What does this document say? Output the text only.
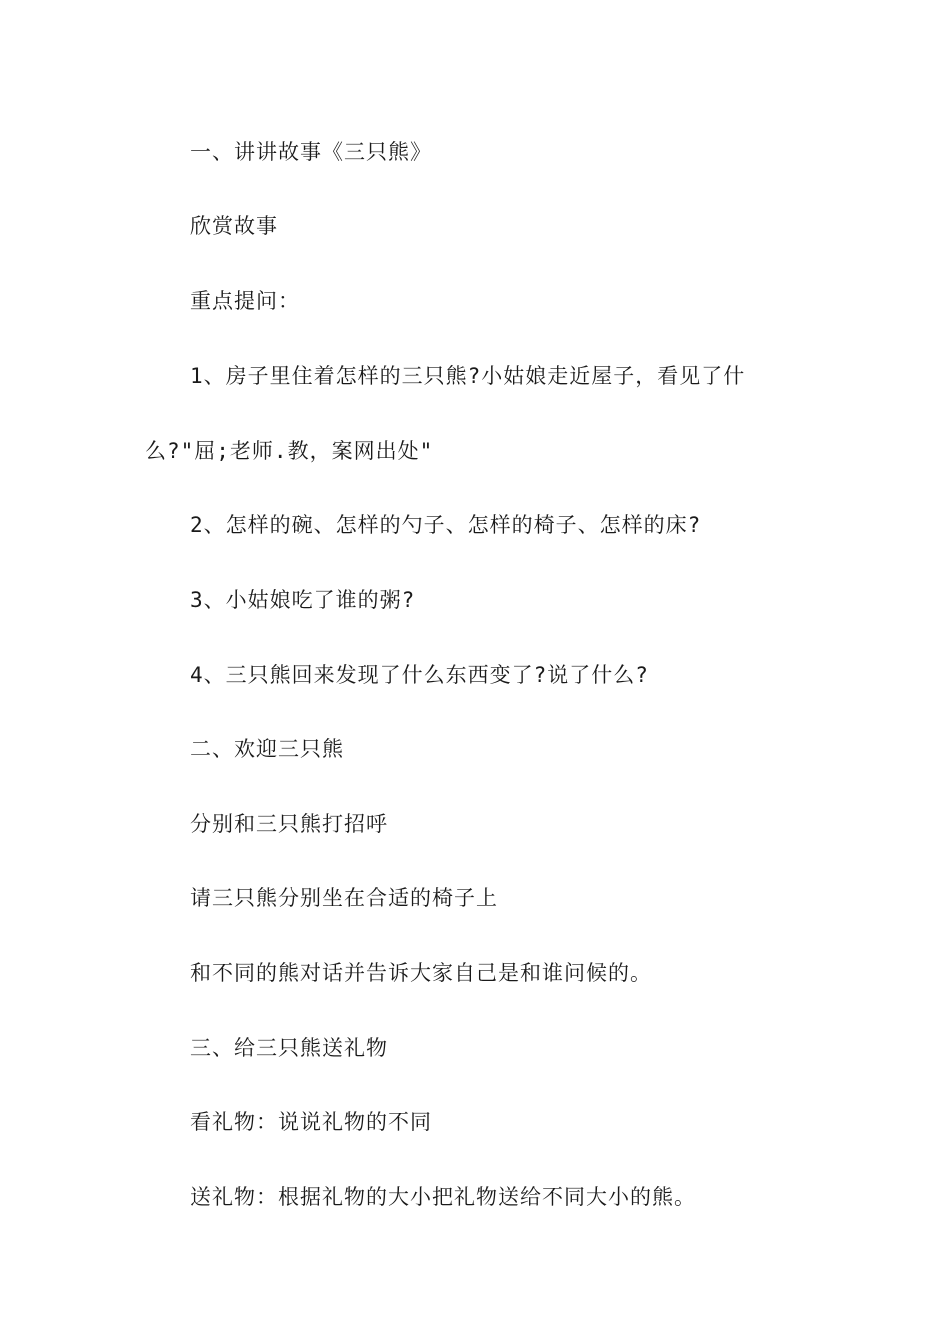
一、讲讲故事《三只熊》
欣赏故事
重点提问：
1、房子里住着怎样的三只熊?小姑娘走近屋子，看见了什
么?"屈;老师.教，案网出处"
2、怎样的碗、怎样的勺子、怎样的椅子、怎样的床?
3、小姑娘吃了谁的粥?
4、三只熊回来发现了什么东西变了?说了什么?
二、欢迎三只熊
分别和三只熊打招呼
请三只熊分别坐在合适的椅子上
和不同的熊对话并告诉大家自己是和谁问候的。
三、给三只熊送礼物
看礼物：说说礼物的不同
送礼物：根据礼物的大小把礼物送给不同大小的熊。
